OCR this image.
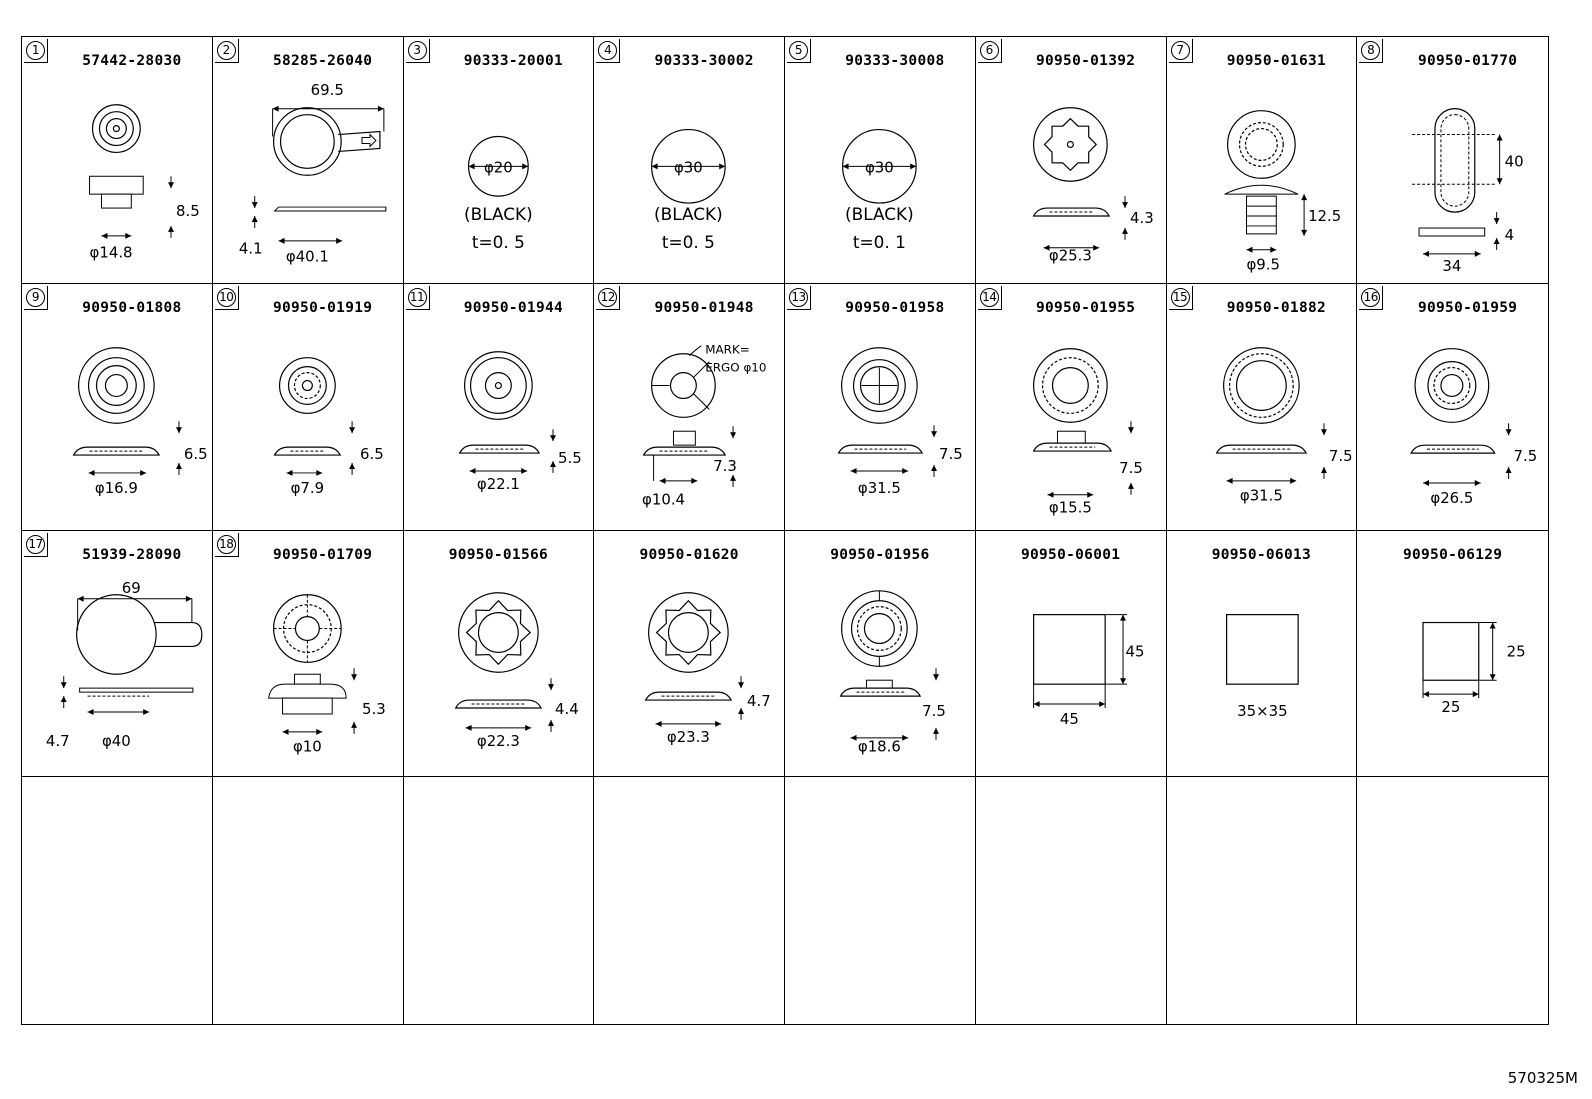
1
57442-28030
8.5
φ14.8
2
58285-26040
69.5
4.1 φ40.1
3
90333-20001
φ20
(BLACK)
t=0. 5
4
90333-30002
φ30
(BLACK)
t=0. 5
5
90333-30008
φ30
(BLACK)
t=0. 1
6
90950-01392
4.3
φ25.3
7
90950-01631
12.5
φ9.5
8
90950-01770
40
4
34
9
90950-01808
6.5
φ16.9
10
90950-01919
6.5
φ7.9
11
90950-01944
5.5
φ22.1
12
90950-01948
MARK=
ERGO φ10
7.3
φ10.4
13
90950-01958
7.5
φ31.5
14
90950-01955
7.5
φ15.5
15
90950-01882
7.5
φ31.5
16
90950-01959
7.5
φ26.5
17
51939-28090
69
4.7 φ40
18
90950-01709
5.3
φ10
90950-01566
4.4
φ22.3
90950-01620
4.7
φ23.3
90950-01956
7.5
φ18.6
90950-06001
45
45
90950-06013
35×35
90950-06129
25
25
570325M
